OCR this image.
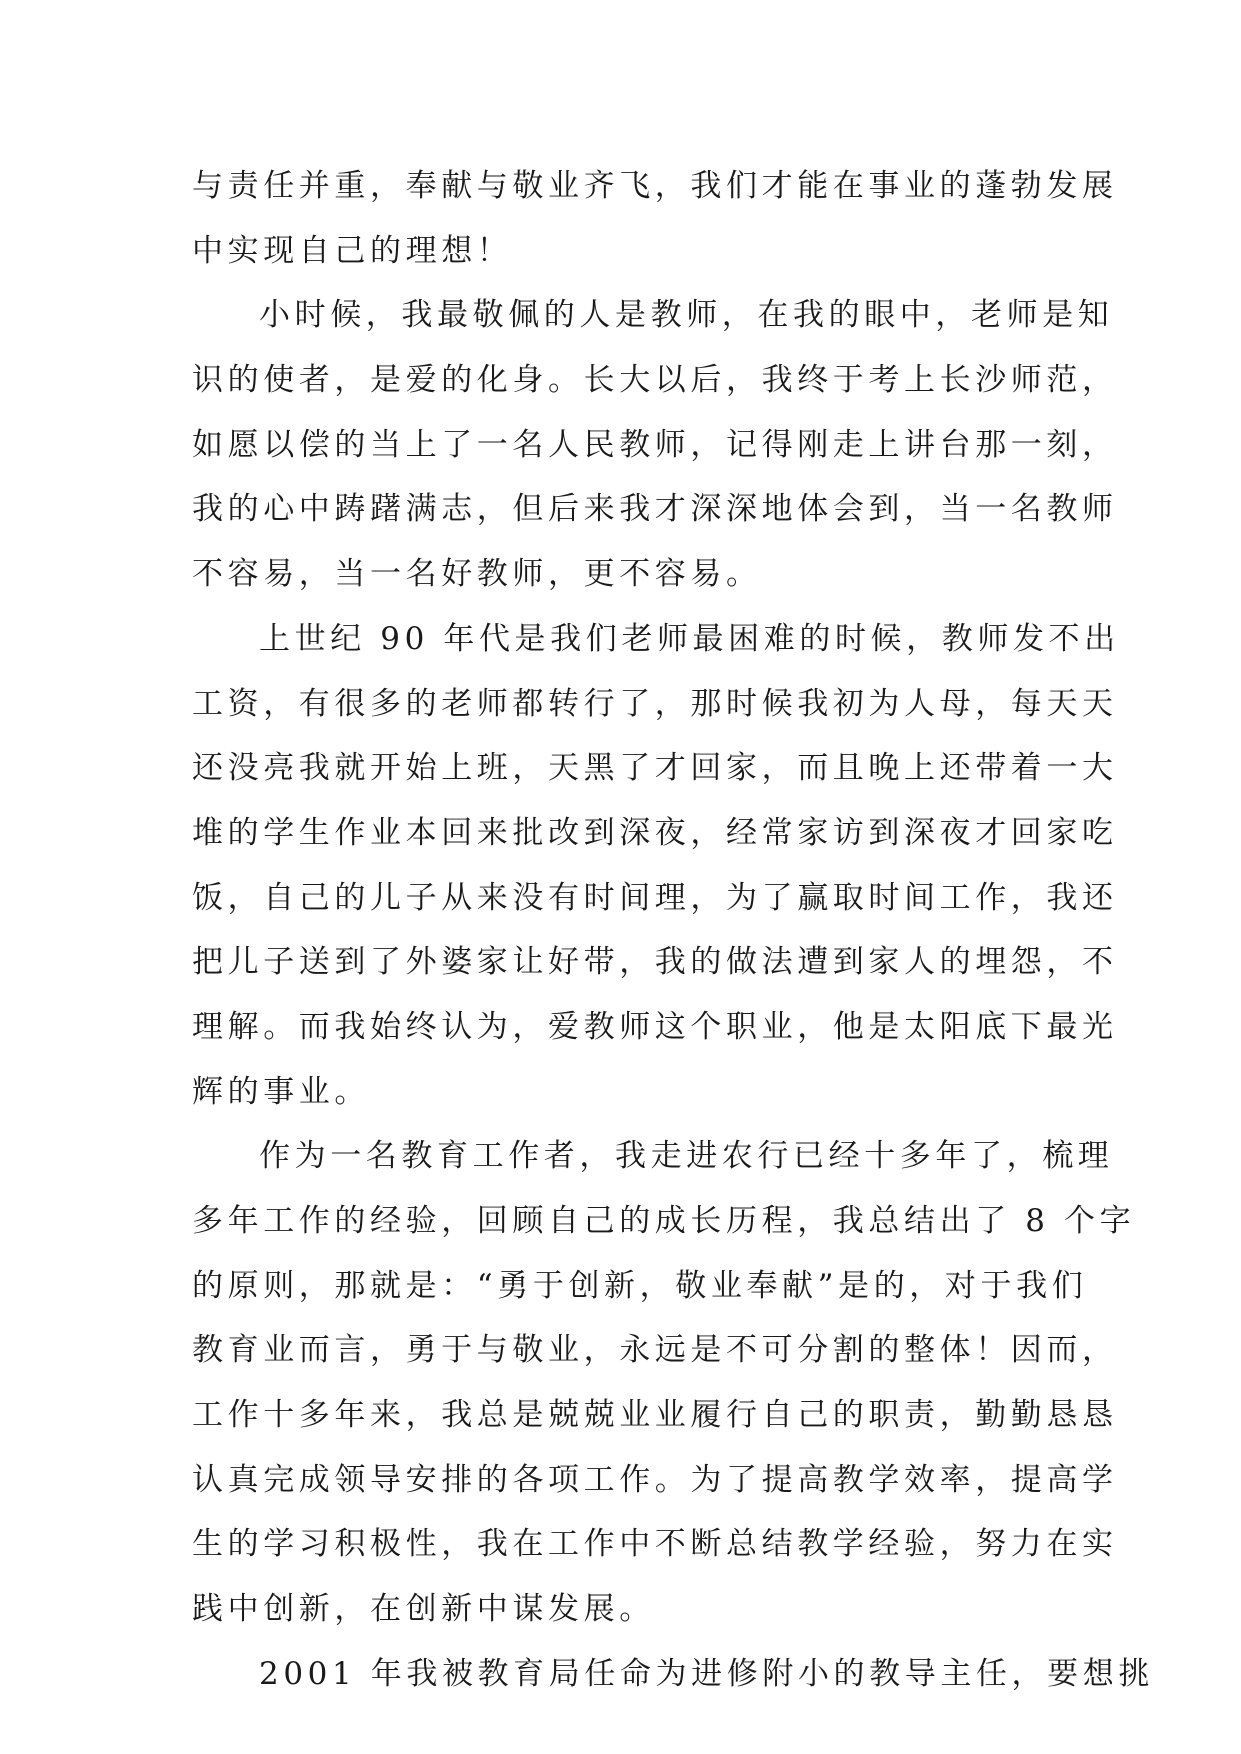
与责任并重，奉献与敬业齐飞，我们才能在事业的蓬勃发展
中实现自己的理想！
小时候，我最敬佩的人是教师，在我的眼中，老师是知
识的使者，是爱的化身。长大以后，我终于考上长沙师范，
如愿以偿的当上了一名人民教师，记得刚走上讲台那一刻，
我的心中踌躇满志，但后来我才深深地体会到，当一名教师
不容易，当一名好教师，更不容易。
上世纪 90 年代是我们老师最困难的时候，教师发不出
工资，有很多的老师都转行了，那时候我初为人母，每天天
还没亮我就开始上班，天黑了才回家，而且晚上还带着一大
堆的学生作业本回来批改到深夜，经常家访到深夜才回家吃
饭，自己的儿子从来没有时间理，为了赢取时间工作，我还
把儿子送到了外婆家让好带，我的做法遭到家人的埋怨，不
理解。而我始终认为，爱教师这个职业，他是太阳底下最光
辉的事业。
作为一名教育工作者，我走进农行已经十多年了，梳理
多年工作的经验，回顾自己的成长历程，我总结出了 8 个字
的原则，那就是：“勇于创新，敬业奉献”是的，对于我们
教育业而言，勇于与敬业，永远是不可分割的整体！因而，
工作十多年来，我总是兢兢业业履行自己的职责，勤勤恳恳
认真完成领导安排的各项工作。为了提高教学效率，提高学
生的学习积极性，我在工作中不断总结教学经验，努力在实
践中创新，在创新中谋发展。
2001 年我被教育局任命为进修附小的教导主任，要想挑
